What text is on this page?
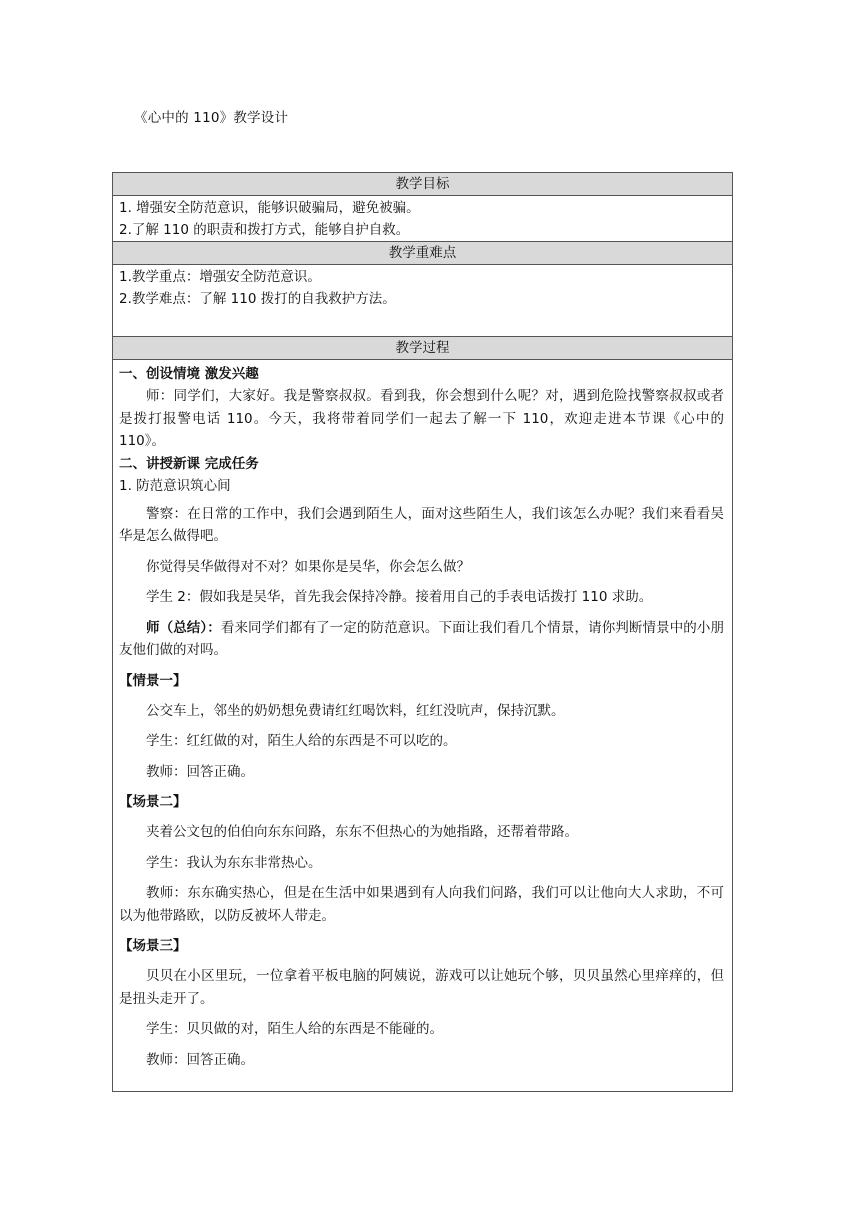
《心中的 110》教学设计
教学目标
1. 增强安全防范意识，能够识破骗局，避免被骗。
2.了解 110 的职责和拨打方式，能够自护自救。
教学重难点
1.教学重点：增强安全防范意识。
2.教学难点：了解 110 拨打的自我救护方法。
教学过程
一、创设情境 激发兴趣

师：同学们，大家好。我是警察叔叔。看到我，你会想到什么呢？对，遇到危险找警察叔叔或者是拨打报警电话 110。今天，我将带着同学们一起去了解一下 110，欢迎走进本节课《心中的 110》。

二、讲授新课 完成任务
1. 防范意识筑心间

警察：在日常的工作中，我们会遇到陌生人，面对这些陌生人，我们该怎么办呢？我们来看看吴华是怎么做得吧。

你觉得吴华做得对不对？如果你是吴华，你会怎么做？

学生 2：假如我是吴华，首先我会保持冷静。接着用自己的手表电话拨打 110 求助。

师（总结）：看来同学们都有了一定的防范意识。下面让我们看几个情景，请你判断情景中的小朋友他们做的对吗。

【情景一】

公交车上，邻坐的奶奶想免费请红红喝饮料，红红没吭声，保持沉默。

学生：红红做的对，陌生人给的东西是不可以吃的。

教师：回答正确。

【场景二】

夹着公文包的伯伯向东东问路，东东不但热心的为她指路，还帮着带路。

学生：我认为东东非常热心。

教师：东东确实热心，但是在生活中如果遇到有人向我们问路，我们可以让他向大人求助，不可以为他带路欧，以防反被坏人带走。

【场景三】

贝贝在小区里玩，一位拿着平板电脑的阿姨说，游戏可以让她玩个够，贝贝虽然心里痒痒的，但是扭头走开了。

学生：贝贝做的对，陌生人给的东西是不能碰的。

教师：回答正确。
